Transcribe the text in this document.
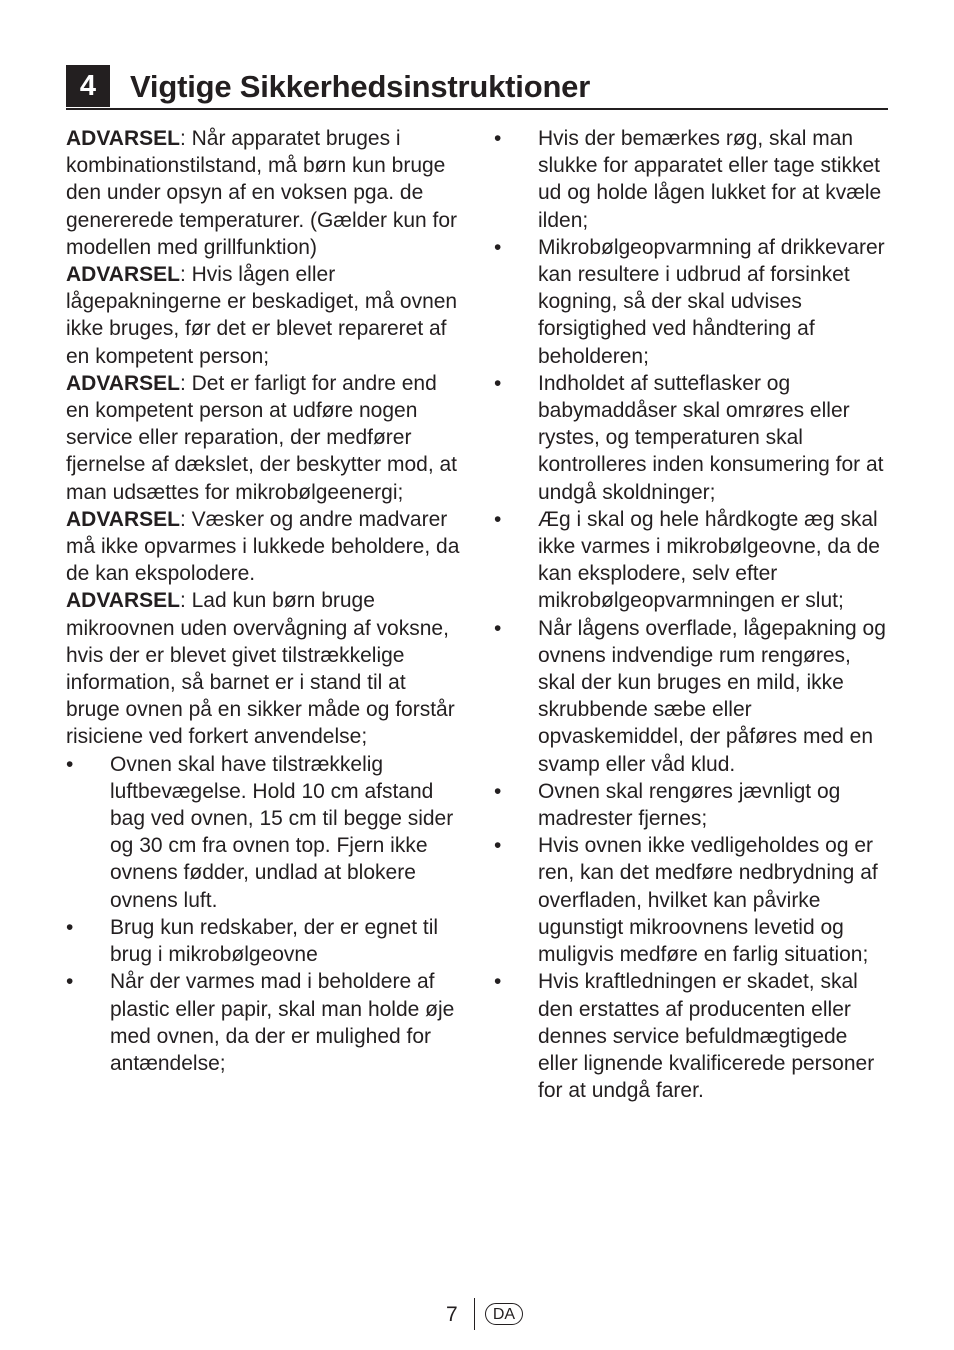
4	Vigtige Sikkerhedsinstruktioner

ADVARSEL: Når apparatet bruges i kombinationstilstand, må børn kun bruge den under opsyn af en voksen pga. de genererede temperaturer. (Gælder kun for modellen med grillfunktion)

ADVARSEL: Hvis lågen eller lågepakningerne er beskadiget, må ovnen ikke bruges, før det er blevet repareret af en kompetent person;

ADVARSEL: Det er farligt for andre end en kompetent person at udføre nogen service eller reparation, der medfører fjernelse af dækslet, der beskytter mod, at man udsættes for mikrobølgeenergi;

ADVARSEL: Væsker og andre madvarer må ikke opvarmes i lukkede beholdere, da de kan ekspolodere.

ADVARSEL: Lad kun børn bruge mikroovnen uden overvågning af voksne, hvis der er blevet givet tilstrækkelige information, så barnet er i stand til at bruge ovnen på en sikker måde og forstår risiciene ved forkert anvendelse;

• Ovnen skal have tilstrækkelig luftbevægelse. Hold 10 cm afstand bag ved ovnen, 15 cm til begge sider og 30 cm fra ovnen top. Fjern ikke ovnens fødder, undlad at blokere ovnens luft.
• Brug kun redskaber, der er egnet til brug i mikrobølgeovne
• Når der varmes mad i beholdere af plastic eller papir, skal man holde øje med ovnen, da der er mulighed for antændelse;
• Hvis der bemærkes røg, skal man slukke for apparatet eller tage stikket ud og holde lågen lukket for at kvæle ilden;
• Mikrobølgeopvarmning af drikkevarer kan resultere i udbrud af forsinket kogning, så der skal udvises forsigtighed ved håndtering af beholderen;
• Indholdet af sutteflasker og babymaddåser skal omrøres eller rystes, og temperaturen skal kontrolleres inden konsumering for at undgå skoldninger;
• Æg i skal og hele hårdkogte æg skal ikke varmes i mikrobølgeovne, da de kan eksplodere, selv efter mikrobølgeopvarmningen er slut;
• Når lågens overflade, lågepakning og ovnens indvendige rum rengøres, skal der kun bruges en mild, ikke skrubbende sæbe eller opvaskemiddel, der påføres med en svamp eller våd klud.
• Ovnen skal rengøres jævnligt og madrester fjernes;
• Hvis ovnen ikke vedligeholdes og er ren, kan det medføre nedbrydning af overfladen, hvilket kan påvirke ugunstigt mikroovnens levetid og muligvis medføre en farlig situation;
• Hvis kraftledningen er skadet, skal den erstattes af producenten eller dennes service befuldmægtigede eller lignende kvalificerede personer for at undgå farer.
7	DA
